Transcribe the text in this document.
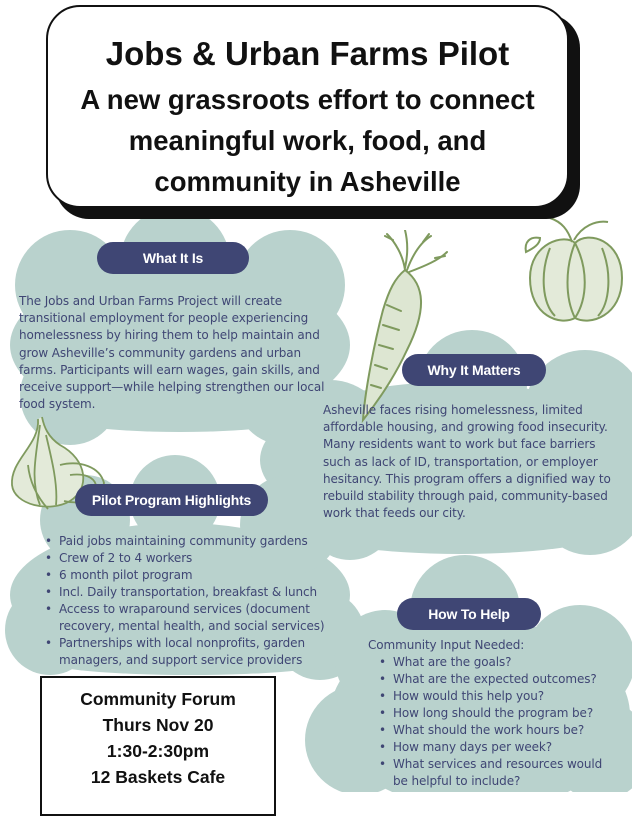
Jobs & Urban Farms Pilot
A new grassroots effort to connect meaningful work, food, and community in Asheville
What It Is
The Jobs and Urban Farms Project will create transitional employment for people experiencing homelessness by hiring them to help maintain and grow Asheville’s community gardens and urban farms. Participants will earn wages, gain skills, and receive support—while helping strengthen our local food system.
Why It Matters
Asheville faces rising homelessness, limited affordable housing, and growing food insecurity. Many residents want to work but face barriers such as lack of ID, transportation, or employer hesitancy. This program offers a dignified way to rebuild stability through paid, community-based work that feeds our city.
Pilot Program Highlights
• Paid jobs maintaining community gardens
• Crew of 2 to 4 workers
• 6 month pilot program
• Incl. Daily transportation, breakfast & lunch
• Access to wraparound services (document recovery, mental health, and social services)
• Partnerships with local nonprofits, garden managers, and support service providers
How To Help
Community Input Needed:
• What are the goals?
• What are the expected outcomes?
• How would this help you?
• How long should the program be?
• What should the work hours be?
• How many days per week?
• What services and resources would be helpful to include?
Community Forum
Thurs Nov 20
1:30-2:30pm
12 Baskets Cafe
